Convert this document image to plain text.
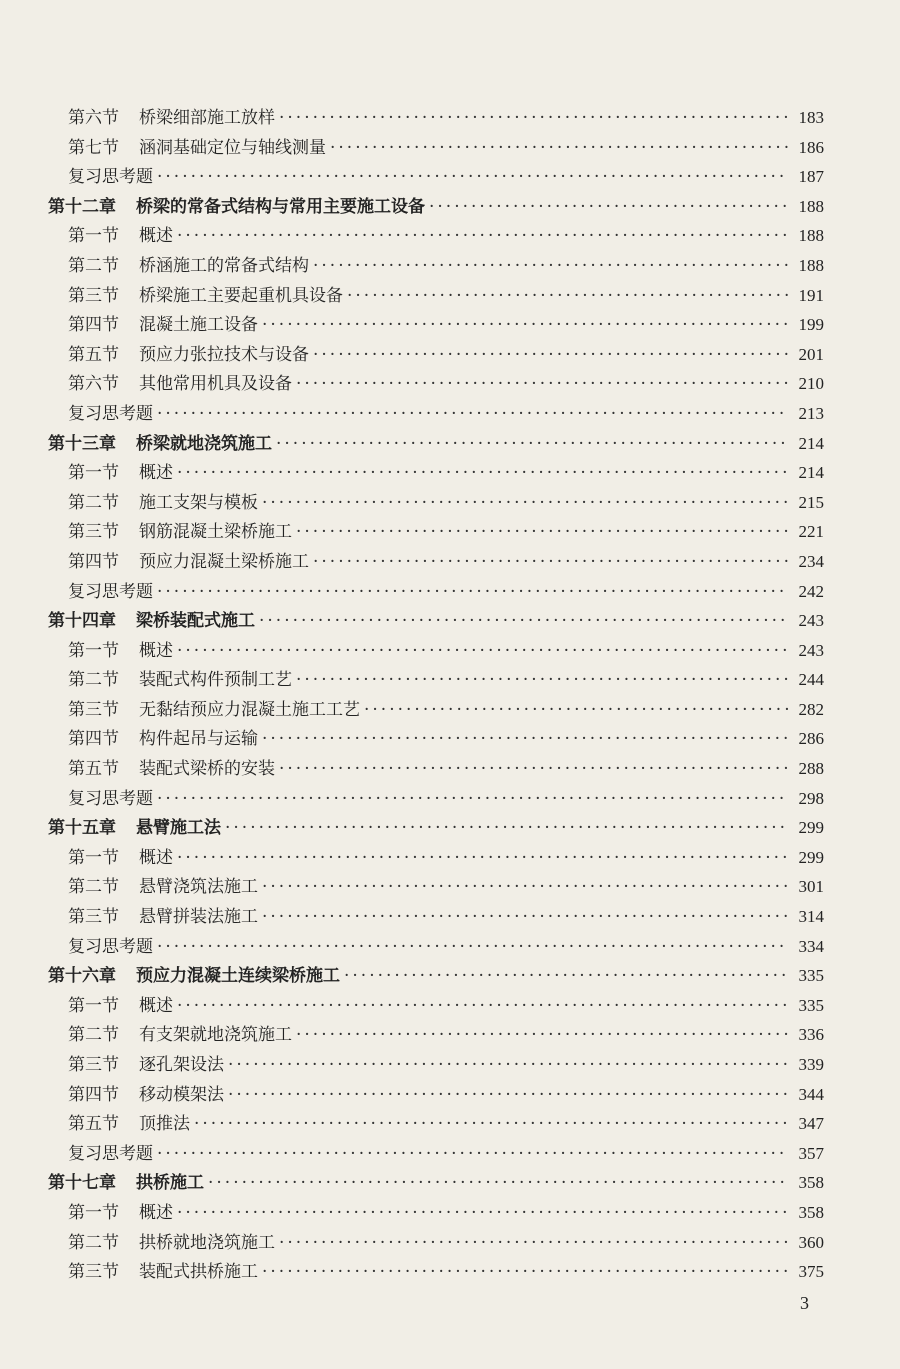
第六节 桥梁细部施工放样 ·····	183
第七节 涵洞基础定位与轴线测量 ·····	186
复习思考题 ·····	187
第十二章 桥梁的常备式结构与常用主要施工设备 ·····	188
第一节 概述 ·····	188
第二节 桥涵施工的常备式结构 ·····	188
第三节 桥梁施工主要起重机具设备 ·····	191
第四节 混凝土施工设备 ·····	199
第五节 预应力张拉技术与设备 ·····	201
第六节 其他常用机具及设备 ·····	210
复习思考题 ·····	213
第十三章 桥梁就地浇筑施工 ·····	214
第一节 概述 ·····	214
第二节 施工支架与模板 ·····	215
第三节 钢筋混凝土梁桥施工 ·····	221
第四节 预应力混凝土梁桥施工 ·····	234
复习思考题 ·····	242
第十四章 梁桥装配式施工 ·····	243
第一节 概述 ·····	243
第二节 装配式构件预制工艺 ·····	244
第三节 无黏结预应力混凝土施工工艺 ·····	282
第四节 构件起吊与运输 ·····	286
第五节 装配式梁桥的安装 ·····	288
复习思考题 ·····	298
第十五章 悬臂施工法 ·····	299
第一节 概述 ·····	299
第二节 悬臂浇筑法施工 ·····	301
第三节 悬臂拼装法施工 ·····	314
复习思考题 ·····	334
第十六章 预应力混凝土连续梁桥施工 ·····	335
第一节 概述 ·····	335
第二节 有支架就地浇筑施工 ·····	336
第三节 逐孔架设法 ·····	339
第四节 移动模架法 ·····	344
第五节 顶推法 ·····	347
复习思考题 ·····	357
第十七章 拱桥施工 ·····	358
第一节 概述 ·····	358
第二节 拱桥就地浇筑施工 ·····	360
第三节 装配式拱桥施工 ·····	375
3
